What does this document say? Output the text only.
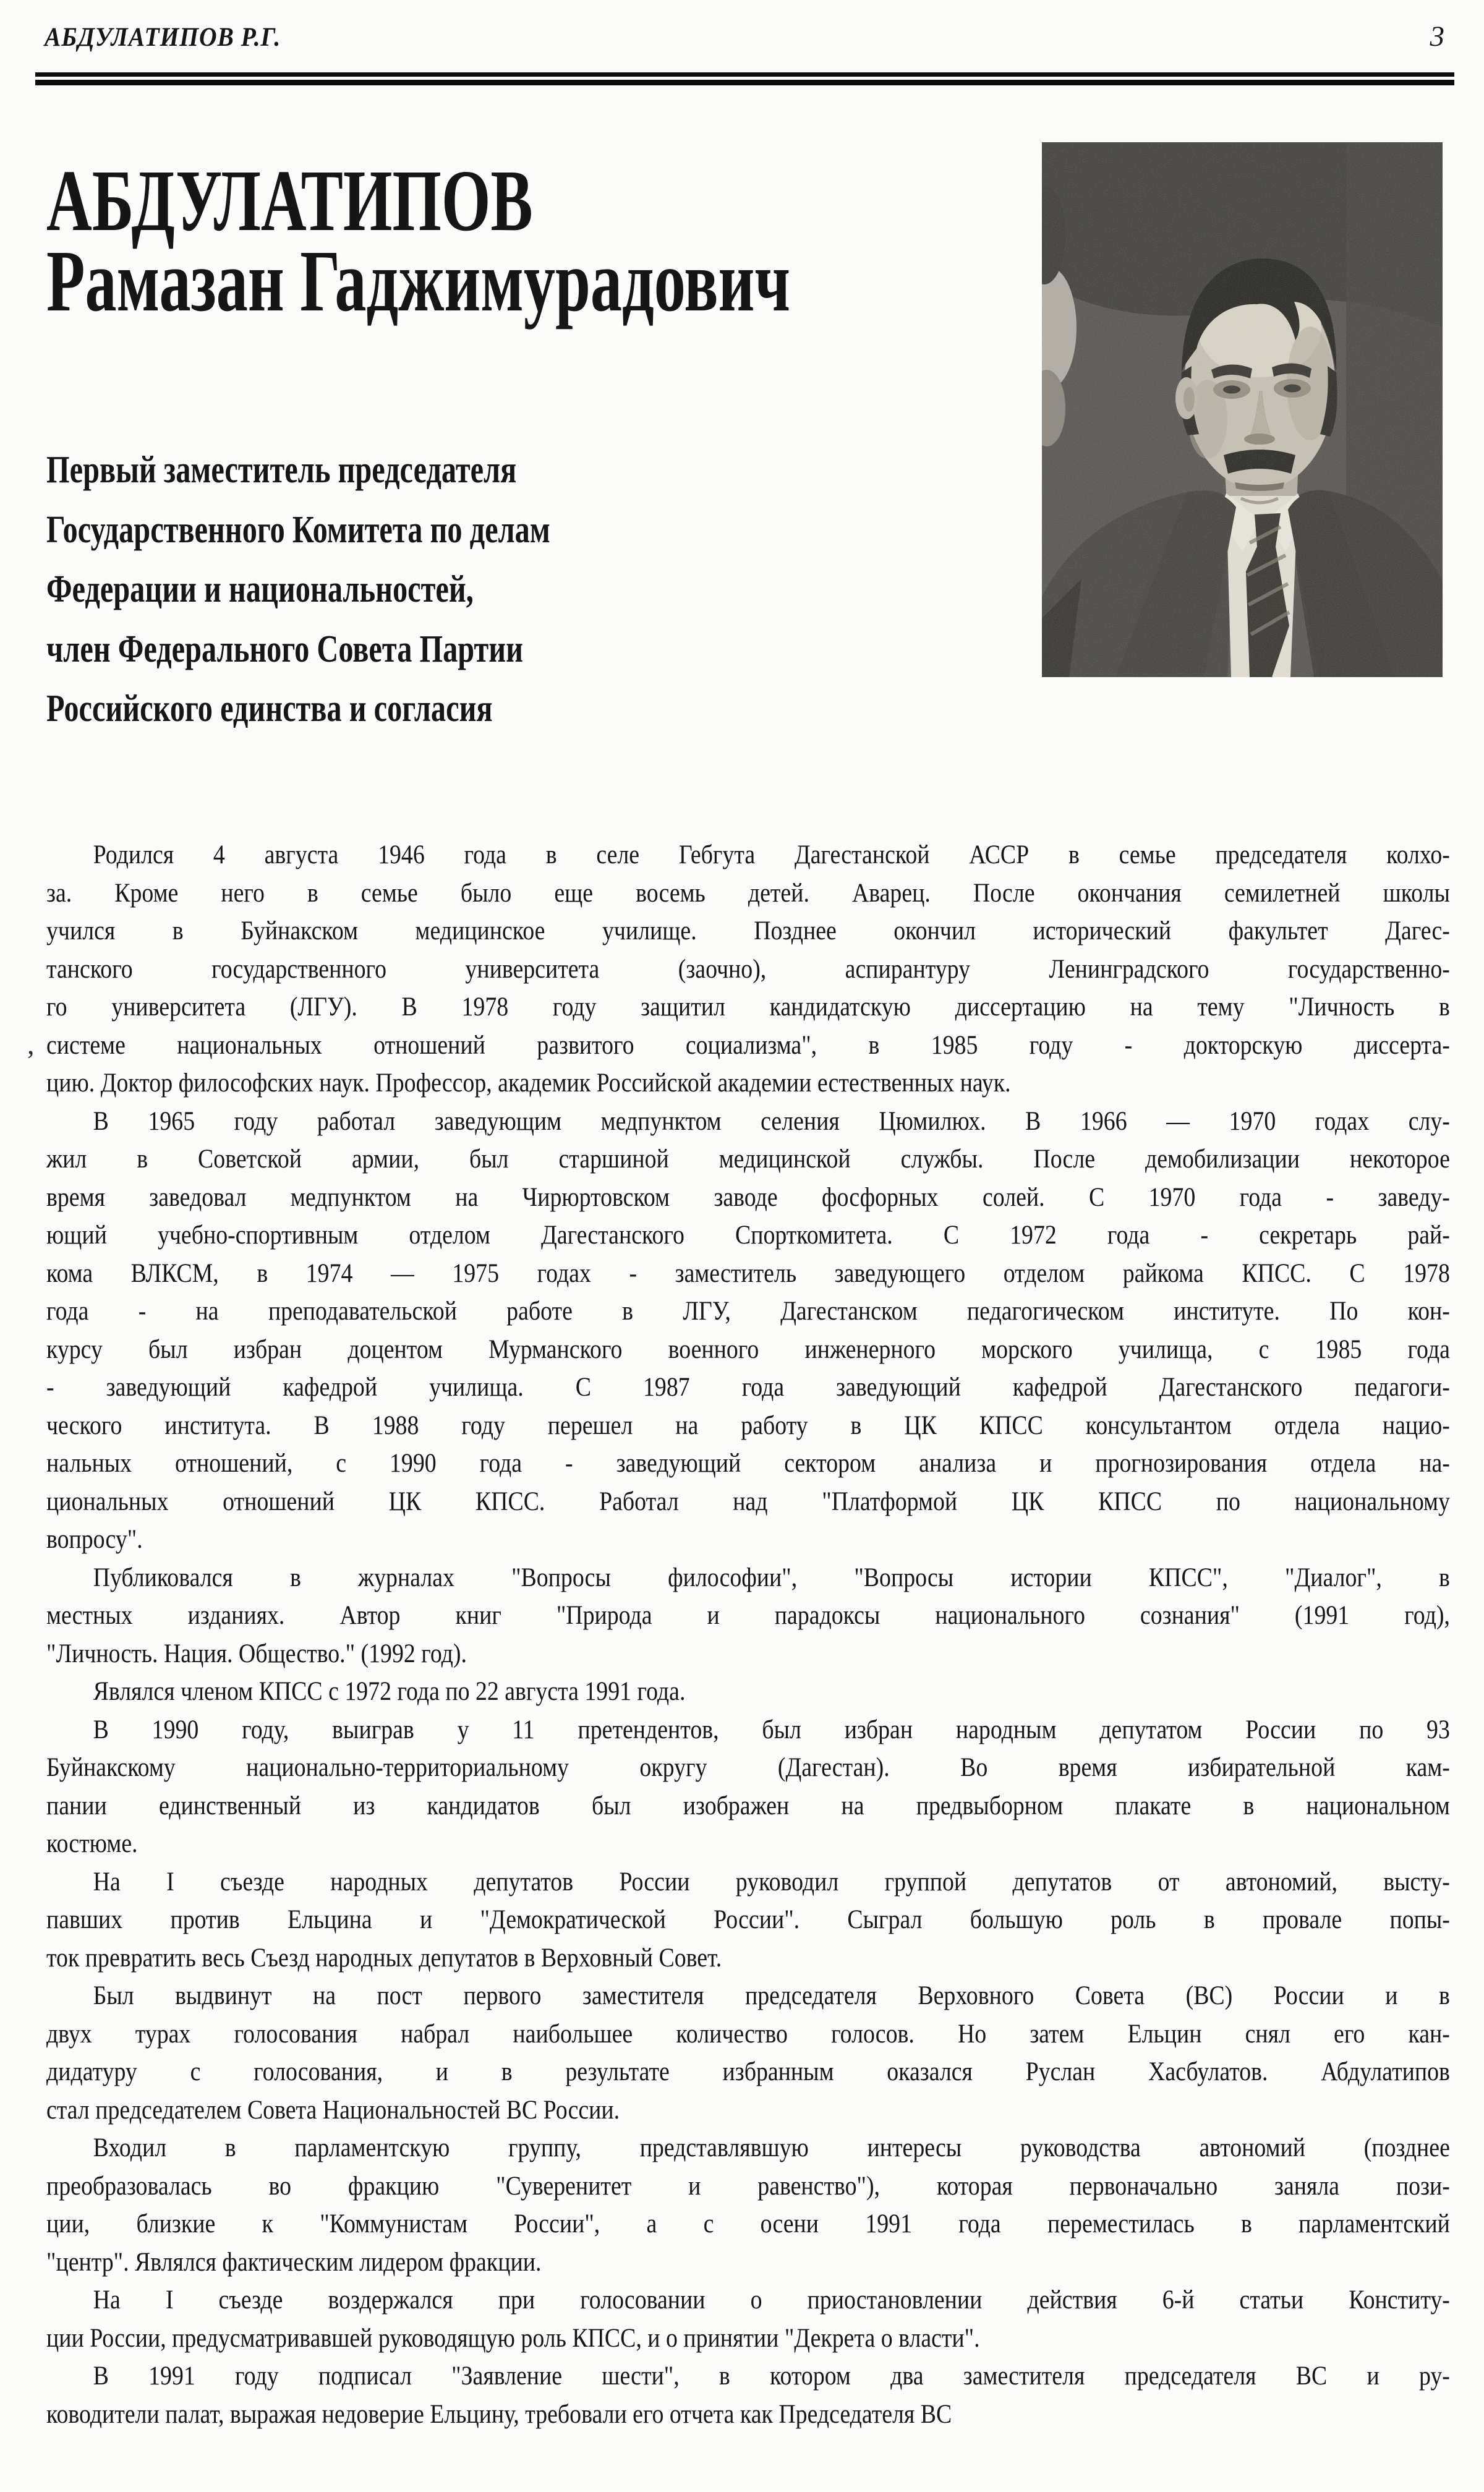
АБДУЛАТИПОВ Р.Г.	3
АБДУЛАТИПОВ
Рамазан Гаджимурадович
Первый заместитель председателя
Государственного Комитета по делам
Федерации и национальностей,
член Федерального Совета Партии
Российского единства и согласия
,
Родился 4 августа 1946 года в селе Гебгута Дагестанской АССР в семье председателя колхо-
за. Кроме него в семье было еще восемь детей. Аварец. После окончания семилетней школы
учился в Буйнакском медицинское училище. Позднее окончил исторический факультет Дагес-
танского государственного университета (заочно), аспирантуру Ленинградского государственно-
го университета (ЛГУ). В 1978 году защитил кандидатскую диссертацию на тему "Личность в
системе национальных отношений развитого социализма", в 1985 году - докторскую диссерта-
цию. Доктор философских наук. Профессор, академик Российской академии естественных наук.
В 1965 году работал заведующим медпунктом селения Цюмилюх. В 1966 — 1970 годах слу-
жил в Советской армии, был старшиной медицинской службы. После демобилизации некоторое
время заведовал медпунктом на Чирюртовском заводе фосфорных солей. С 1970 года - заведу-
ющий учебно-спортивным отделом Дагестанского Спорткомитета. С 1972 года - секретарь рай-
кома ВЛКСМ, в 1974 — 1975 годах - заместитель заведующего отделом райкома КПСС. С 1978
года - на преподавательской работе в ЛГУ, Дагестанском педагогическом институте. По кон-
курсу был избран доцентом Мурманского военного инженерного морского училища, с 1985 года
- заведующий кафедрой училища. С 1987 года заведующий кафедрой Дагестанского педагоги-
ческого института. В 1988 году перешел на работу в ЦК КПСС консультантом отдела нацио-
нальных отношений, с 1990 года - заведующий сектором анализа и прогнозирования отдела на-
циональных отношений ЦК КПСС. Работал над "Платформой ЦК КПСС по национальному
вопросу".
Публиковался в журналах "Вопросы философии", "Вопросы истории КПСС", "Диалог", в
местных изданиях. Автор книг "Природа и парадоксы национального сознания" (1991 год),
"Личность. Нация. Общество." (1992 год).
Являлся членом КПСС с 1972 года по 22 августа 1991 года.
В 1990 году, выиграв у 11 претендентов, был избран народным депутатом России по 93
Буйнакскому национально-территориальному округу (Дагестан). Во время избирательной кам-
пании единственный из кандидатов был изображен на предвыборном плакате в национальном
костюме.
На I съезде народных депутатов России руководил группой депутатов от автономий, высту-
павших против Ельцина и "Демократической России". Сыграл большую роль в провале попы-
ток превратить весь Съезд народных депутатов в Верховный Совет.
Был выдвинут на пост первого заместителя председателя Верховного Совета (ВС) России и в
двух турах голосования набрал наибольшее количество голосов. Но затем Ельцин снял его кан-
дидатуру с голосования, и в результате избранным оказался Руслан Хасбулатов. Абдулатипов
стал председателем Совета Национальностей ВС России.
Входил в парламентскую группу, представлявшую интересы руководства автономий (позднее
преобразовалась во фракцию "Суверенитет и равенство"), которая первоначально заняла пози-
ции, близкие к "Коммунистам России", а с осени 1991 года переместилась в парламентский
"центр". Являлся фактическим лидером фракции.
На I съезде воздержался при голосовании о приостановлении действия 6-й статьи Конститу-
ции России, предусматривавшей руководящую роль КПСС, и о принятии "Декрета о власти".
В 1991 году подписал "Заявление шести", в котором два заместителя председателя ВС и ру-
ководители палат, выражая недоверие Ельцину, требовали его отчета как Председателя ВС
